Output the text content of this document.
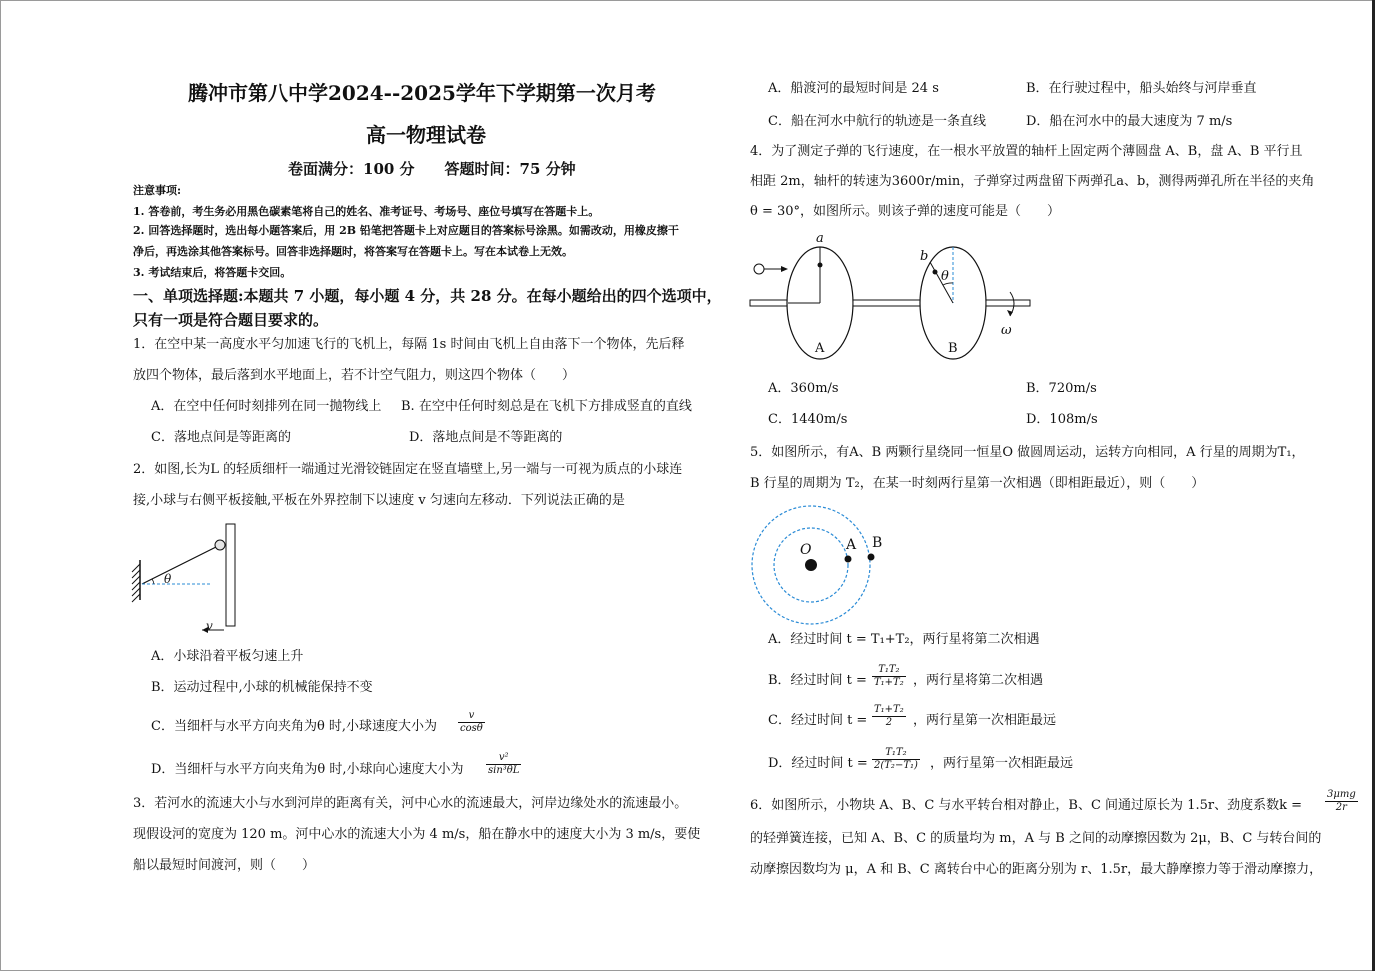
腾冲市第八中学2024--2025学年下学期第一次月考
高一物理试卷
卷面满分：100 分　　答题时间：75 分钟
注意事项:
1. 答卷前，考生务必用黑色碳素笔将自己的姓名、准考证号、考场号、座位号填写在答题卡上。
2. 回答选择题时，选出每小题答案后，用 2B 铅笔把答题卡上对应题目的答案标号涂黑。如需改动，用橡皮擦干
净后，再选涂其他答案标号。回答非选择题时，将答案写在答题卡上。写在本试卷上无效。
3. 考试结束后，将答题卡交回。
一、单项选择题:本题共 7 小题，每小题 4 分，共 28 分。在每小题给出的四个选项中，
只有一项是符合题目要求的。
1．在空中某一高度水平匀加速飞行的飞机上，每隔 1s 时间由飞机上自由落下一个物体，先后释
放四个物体，最后落到水平地面上，若不计空气阻力，则这四个物体（　　）
A．在空中任何时刻排列在同一抛物线上 B. 在空中任何时刻总是在飞机下方排成竖直的直线
C．落地点间是等距离的	D．落地点间是不等距离的
2．如图,长为L 的轻质细杆一端通过光滑铰链固定在竖直墙壁上,另一端与一可视为质点的小球连
接,小球与右侧平板接触,平板在外界控制下以速度 v 匀速向左移动．下列说法正确的是
θ
v
A．小球沿着平板匀速上升
B．运动过程中,小球的机械能保持不变
C．当细杆与水平方向夹角为θ 时,小球速度大小为 $\frac{v}{\cos\theta}$
D．当细杆与水平方向夹角为θ 时,小球向心速度大小为 $\frac{\text{v²}}{\text{sin³θL}}$
3．若河水的流速大小与水到河岸的距离有关，河中心水的流速最大，河岸边缘处水的流速最小。
现假设河的宽度为 120 m。河中心水的流速大小为 4 m/s，船在静水中的速度大小为 3 m/s，要使
船以最短时间渡河，则（　　）
A．船渡河的最短时间是 24 s	B．在行驶过程中，船头始终与河岸垂直
C．船在河水中航行的轨迹是一条直线	D．船在河水中的最大速度为 7 m/s
4．为了测定子弹的飞行速度，在一根水平放置的轴杆上固定两个薄圆盘 A、B，盘 A、B 平行且
相距 2m，轴杆的转速为3600r/min，子弹穿过两盘留下两弹孔a、b，测得两弹孔所在半径的夹角
θ = 30°，如图所示。则该子弹的速度可能是（　　）
a
b
θ
A	B
ω
A．360m/s	B．720m/s
C．1440m/s	D．108m/s
5．如图所示，有A、B 两颗行星绕同一恒星O 做圆周运动，运转方向相同，A 行星的周期为T₁，
B 行星的周期为 T₂，在某一时刻两行星第一次相遇（即相距最近），则（　　）
O A B
A．经过时间 t = T₁+T₂，两行星将第二次相遇
B．经过时间 $t = \frac{\text{T₁T₂}}{\text{T₁+T₂}}$ ，两行星将第二次相遇
C．经过时间 $t = \frac{\text{T₁+T₂}}{2}$ ，两行星第一次相距最远
D．经过时间 $t = \frac{\text{T₁T₂}}{\text{2(T₂−T₁)}}$ ，两行星第一次相距最远
6．如图所示，小物块 A、B、C 与水平转台相对静止，B、C 间通过原长为 1.5r、劲度系数k =
3μmg
2r
的轻弹簧连接，已知 A、B、C 的质量均为 m，A 与 B 之间的动摩擦因数为 2μ，B、C 与转台间的
动摩擦因数均为 μ，A 和 B、C 离转台中心的距离分别为 r、1.5r，最大静摩擦力等于滑动摩擦力，
